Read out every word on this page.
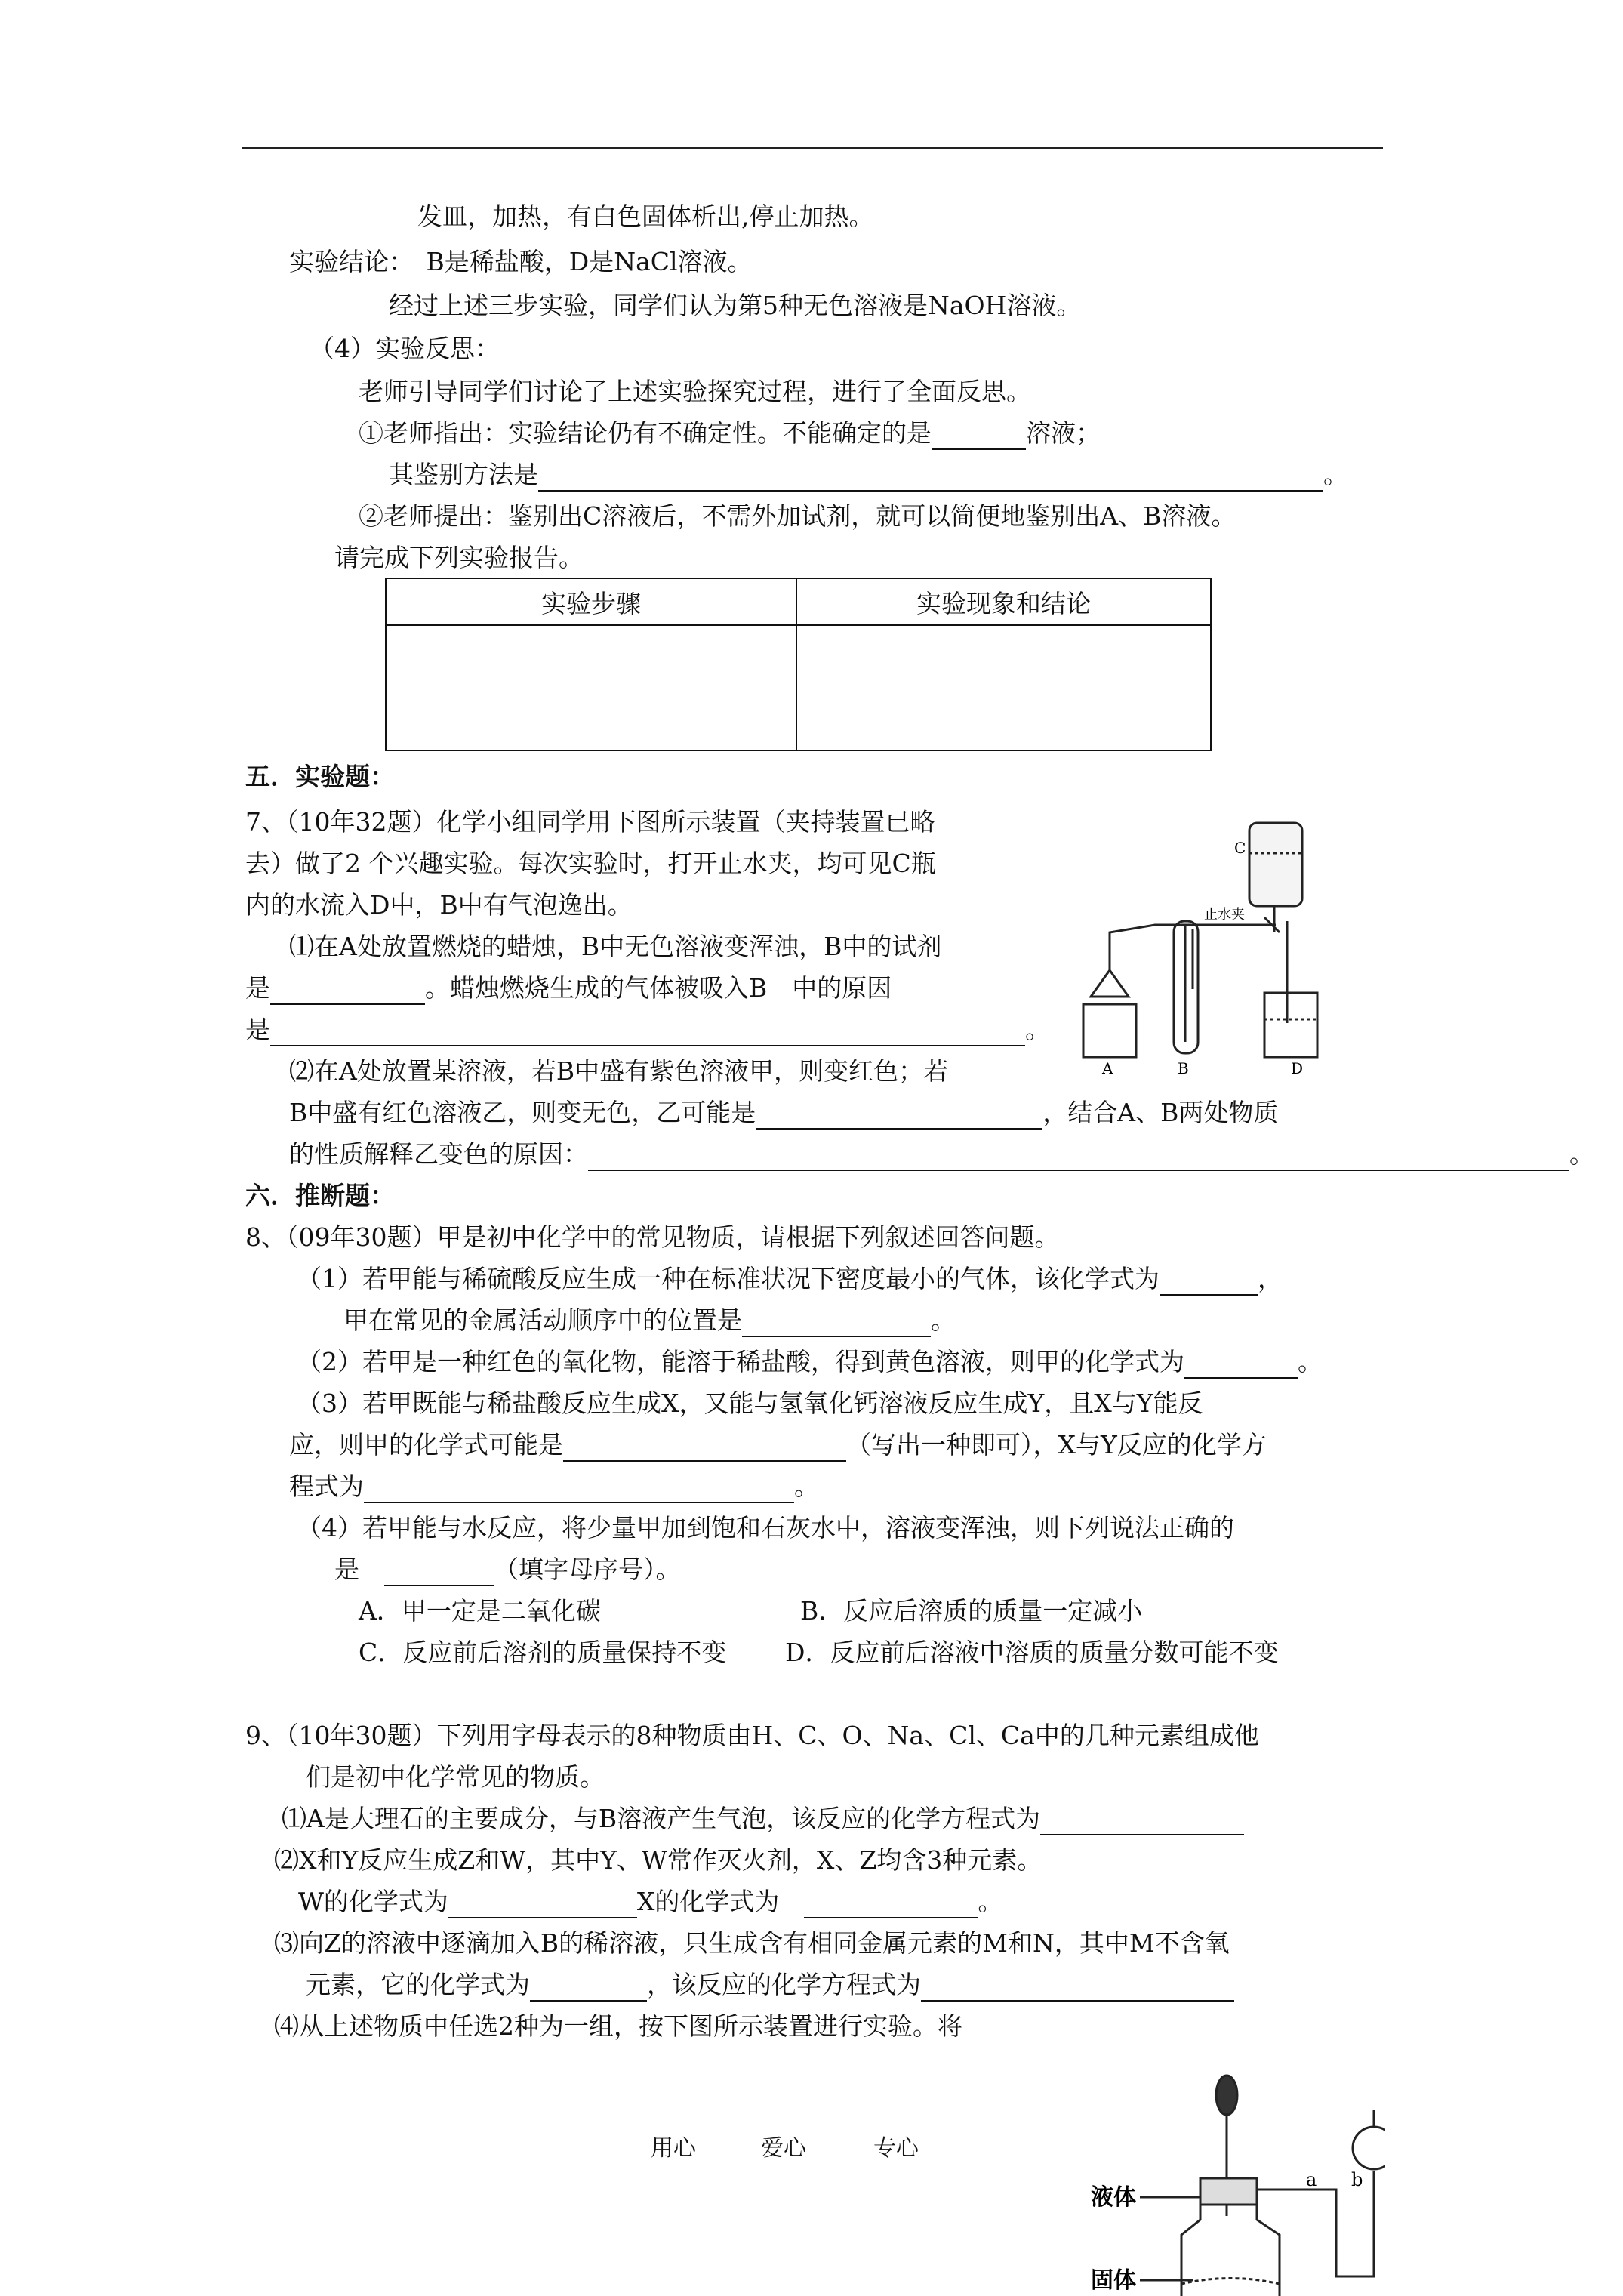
发皿，加热，有白色固体析出,停止加热。
实验结论：　B是稀盐酸，D是NaCl溶液。
经过上述三步实验，同学们认为第5种无色溶液是NaOH溶液。
（4）实验反思：
老师引导同学们讨论了上述实验探究过程，进行了全面反思。
①老师指出：实验结论仍有不确定性。不能确定的是	溶液；
其鉴别方法是	。
②老师提出：鉴别出C溶液后，不需外加试剂，就可以简便地鉴别出A、B溶液。
请完成下列实验报告。
实验步骤	实验现象和结论

五．实验题：
7、（10年32题）化学小组同学用下图所示装置（夹持装置已略
去）做了2 个兴趣实验。每次实验时，打开止水夹，均可见C瓶
内的水流入D中，B中有气泡逸出。
⑴在A处放置燃烧的蜡烛，B中无色溶液变浑浊，B中的试剂
是	。蜡烛燃烧生成的气体被吸入B　中的原因
是	。
⑵在A处放置某溶液，若B中盛有紫色溶液甲，则变红色；若
B中盛有红色溶液乙，则变无色，乙可能是	，结合A、B两处物质
的性质解释乙变色的原因：	。
C
止水夹
A	B	D
六．推断题：
8、（09年30题）甲是初中化学中的常见物质，请根据下列叙述回答问题。
（1）若甲能与稀硫酸反应生成一种在标准状况下密度最小的气体，该化学式为	，
甲在常见的金属活动顺序中的位置是	。
（2）若甲是一种红色的氧化物，能溶于稀盐酸，得到黄色溶液，则甲的化学式为	。
（3）若甲既能与稀盐酸反应生成X，又能与氢氧化钙溶液反应生成Y，且X与Y能反
应，则甲的化学式可能是	（写出一种即可），X与Y反应的化学方
程式为	。
（4）若甲能与水反应，将少量甲加到饱和石灰水中，溶液变浑浊，则下列说法正确的
是　	（填字母序号）。
A．甲一定是二氧化碳	B．反应后溶质的质量一定减小
C．反应前后溶剂的质量保持不变 D．反应前后溶液中溶质的质量分数可能不变
9、（10年30题）下列用字母表示的8种物质由H、C、O、Na、Cl、Ca中的几种元素组成他
们是初中化学常见的物质。
⑴A是大理石的主要成分，与B溶液产生气泡，该反应的化学方程式为
⑵X和Y反应生成Z和W，其中Y、W常作灭火剂，X、Z均含3种元素。
W的化学式为	X的化学式为　	。
⑶向Z的溶液中逐滴加入B的稀溶液，只生成含有相同金属元素的M和N，其中M不含氧
元素，它的化学式为	，该反应的化学方程式为
⑷从上述物质中任选2种为一组，按下图所示装置进行实验。将
液体
固体
a b
用心	爱心	专心
